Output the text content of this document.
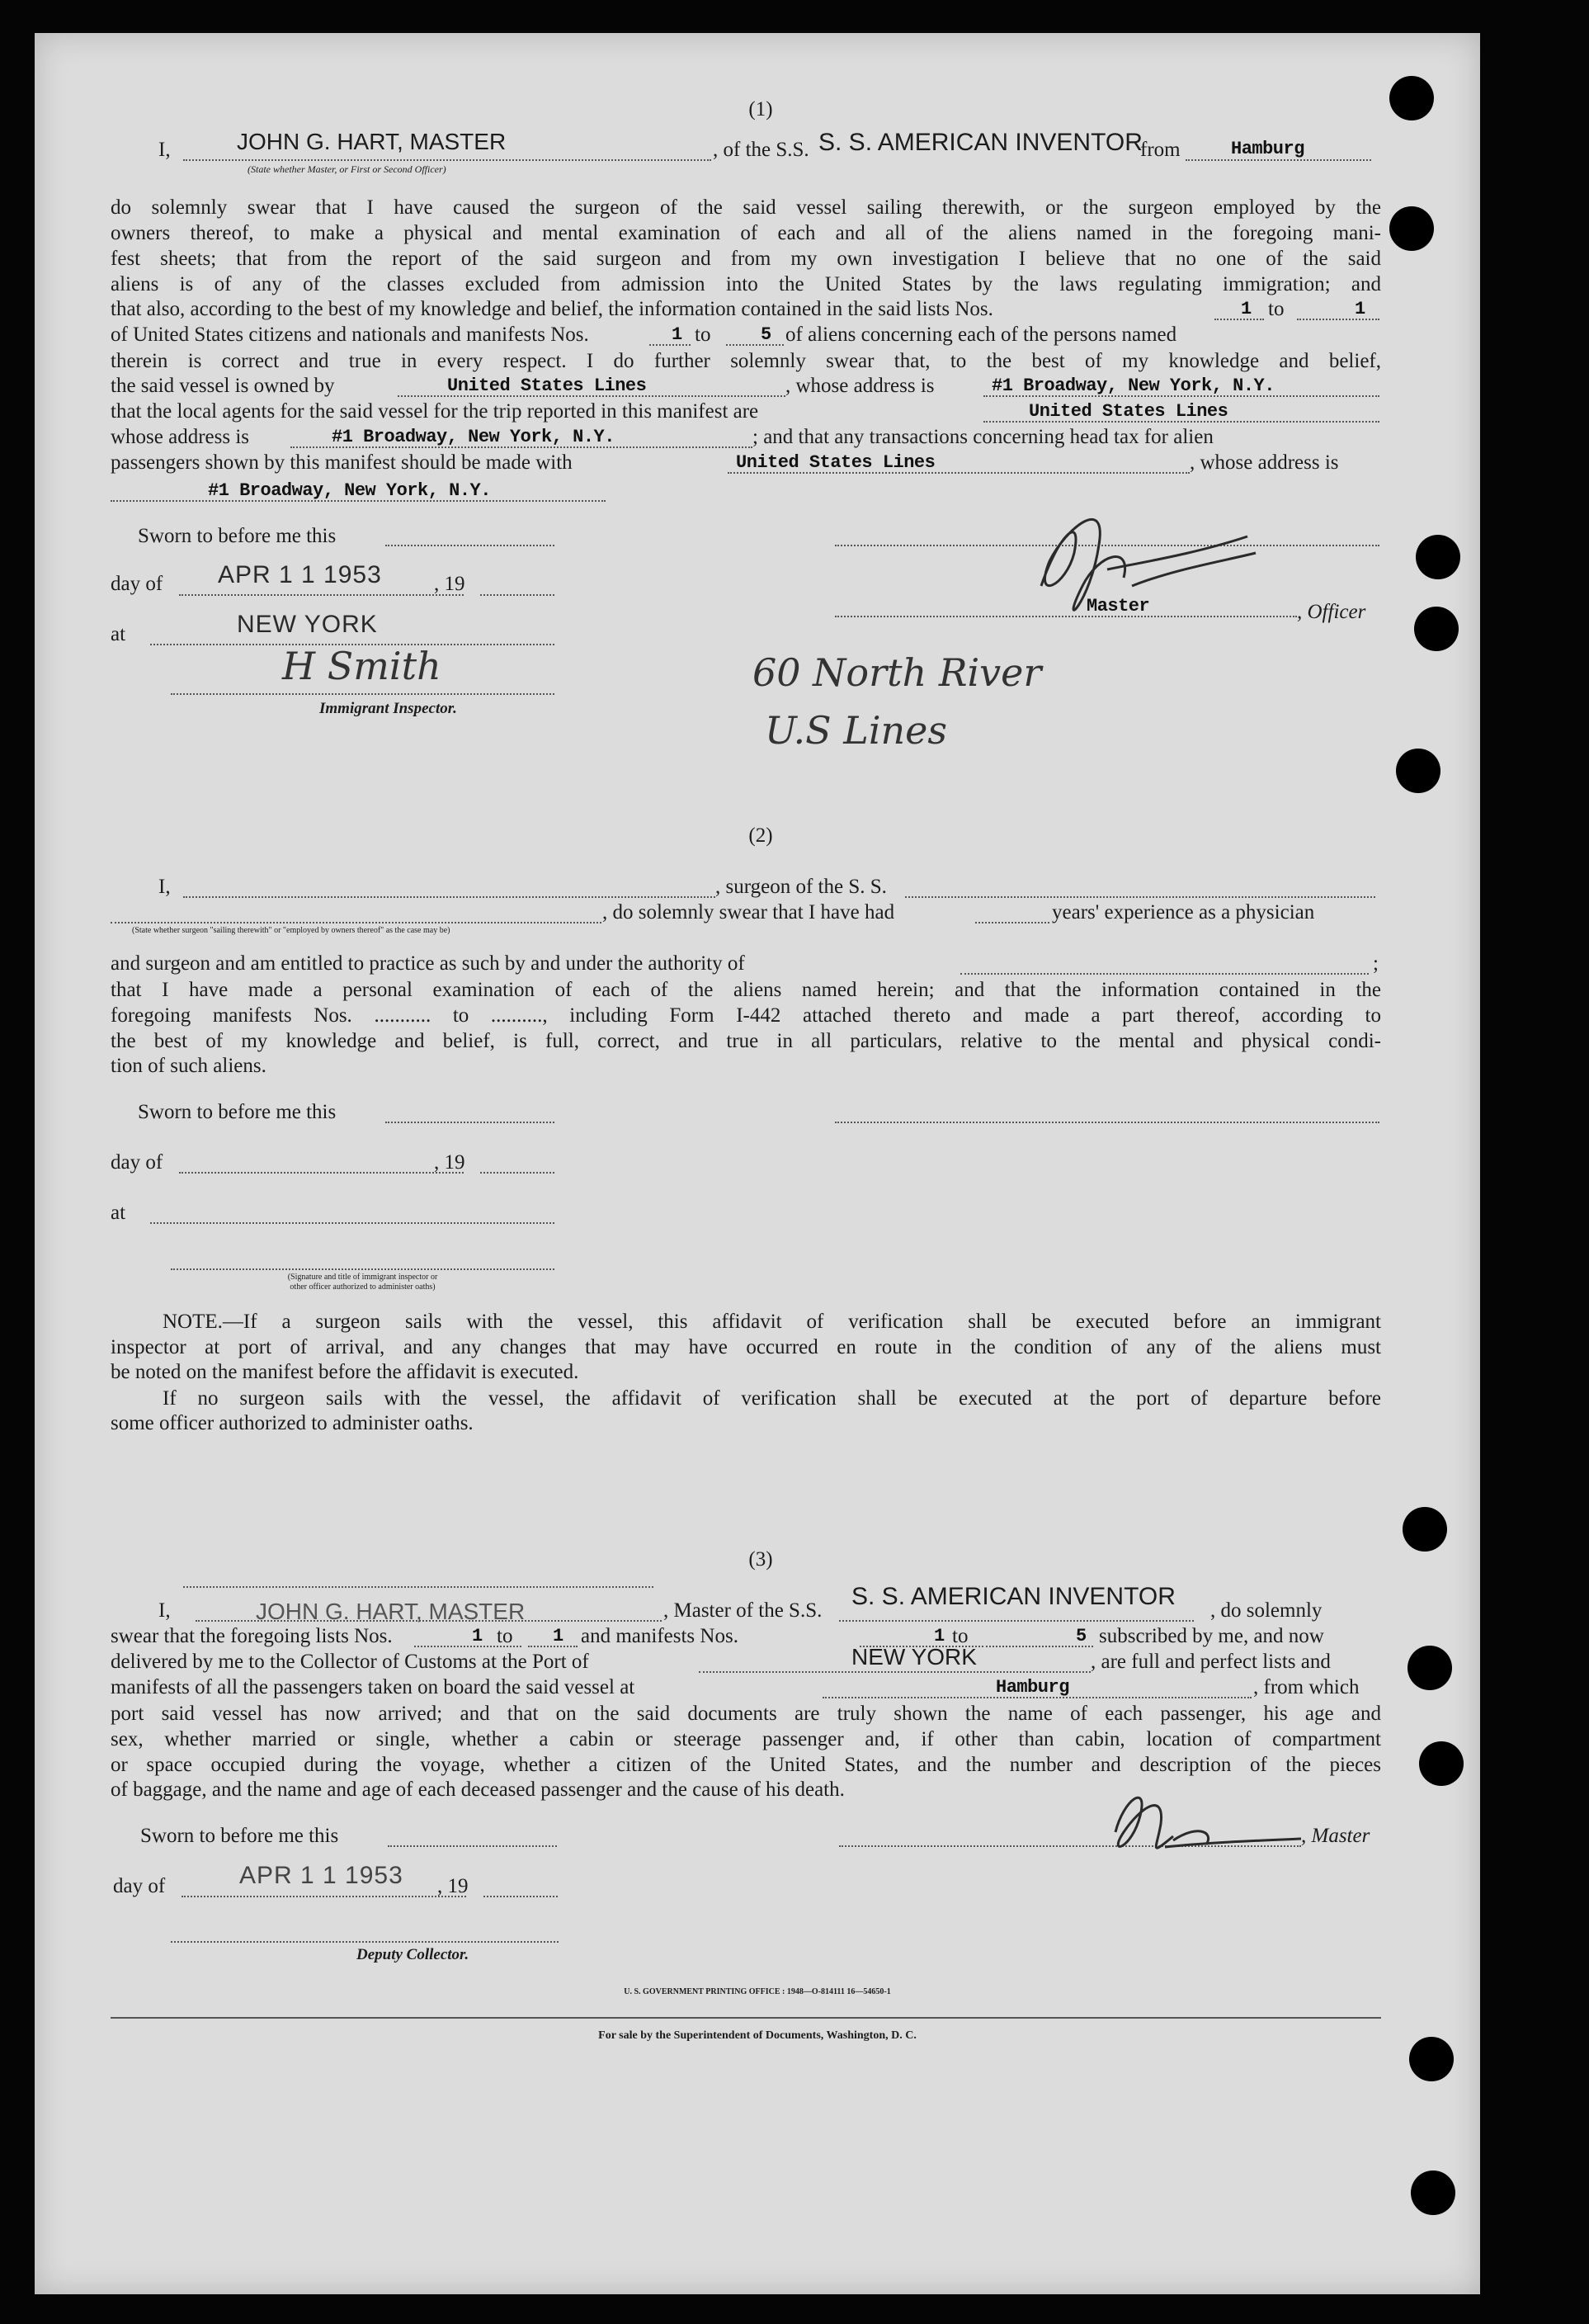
(1)
I,	JOHN G. HART, MASTER
(State whether Master, or First or Second Officer)
, of the S.S. S. S. AMERICAN INVENTOR
from	Hamburg
do solemnly swear that I have caused the surgeon of the said vessel sailing therewith, or the surgeon employed by the
owners thereof, to make a physical and mental examination of each and all of the aliens named in the foregoing mani-
fest sheets; that from the report of the said surgeon and from my own investigation I believe that no one of the said
aliens is of any of the classes excluded from admission into the United States by the laws regulating immigration; and
that also, according to the best of my knowledge and belief, the information contained in the said lists Nos.	1 to	1
of United States citizens and nationals and manifests Nos.	1 to	5 of aliens concerning each of the persons named
therein is correct and true in every respect. I do further solemnly swear that, to the best of my knowledge and belief,
the said vessel is owned by	United States Lines	, whose address is	#1 Broadway, New York, N.Y.
that the local agents for the said vessel for the trip reported in this manifest are	United States Lines
whose address is	#1 Broadway, New York, N.Y.	; and that any transactions concerning head tax for alien
passengers shown by this manifest should be made with	United States Lines	, whose address is
#1 Broadway, New York, N.Y.
Sworn to before me this
day of APR 1 1 1953	, 19
Master	, Officer
at	NEW YORK
H Smith
Immigrant Inspector.
60 North River
U.S Lines
(2)
I,	, surgeon of the S. S.
, do solemnly swear that I have had	years' experience as a physician
(State whether surgeon "sailing therewith" or "employed by owners thereof" as the case may be)
and surgeon and am entitled to practice as such by and under the authority of	;
that I have made a personal examination of each of the aliens named herein; and that the information contained in the
foregoing manifests Nos. ........... to .........., including Form I-442 attached thereto and made a part thereof, according to
the best of my knowledge and belief, is full, correct, and true in all particulars, relative to the mental and physical condi-
tion of such aliens.
Sworn to before me this
day of	, 19
at
(Signature and title of immigrant inspector or
other officer authorized to administer oaths)
NOTE.—If a surgeon sails with the vessel, this affidavit of verification shall be executed before an immigrant
inspector at port of arrival, and any changes that may have occurred en route in the condition of any of the aliens must
be noted on the manifest before the affidavit is executed.
If no surgeon sails with the vessel, the affidavit of verification shall be executed at the port of departure before
some officer authorized to administer oaths.
(3)
I,	JOHN G. HART, MASTER	, Master of the S.S.
S. S. AMERICAN INVENTOR
, do solemnly
swear that the foregoing lists Nos.	1 to 1 and manifests Nos.	1 to	5 subscribed by me, and now
delivered by me to the Collector of Customs at the Port of	NEW YORK	, are full and perfect lists and
manifests of all the passengers taken on board the said vessel at	Hamburg	, from which
port said vessel has now arrived; and that on the said documents are truly shown the name of each passenger, his age and
sex, whether married or single, whether a cabin or steerage passenger and, if other than cabin, location of compartment
or space occupied during the voyage, whether a citizen of the United States, and the number and description of the pieces
of baggage, and the name and age of each deceased passenger and the cause of his death.
Sworn to before me this	, Master
day of	APR 1 1 1953 , 19
Deputy Collector.
U. S. GOVERNMENT PRINTING OFFICE : 1948—O-814111 16—54650-1
For sale by the Superintendent of Documents, Washington, D. C.
